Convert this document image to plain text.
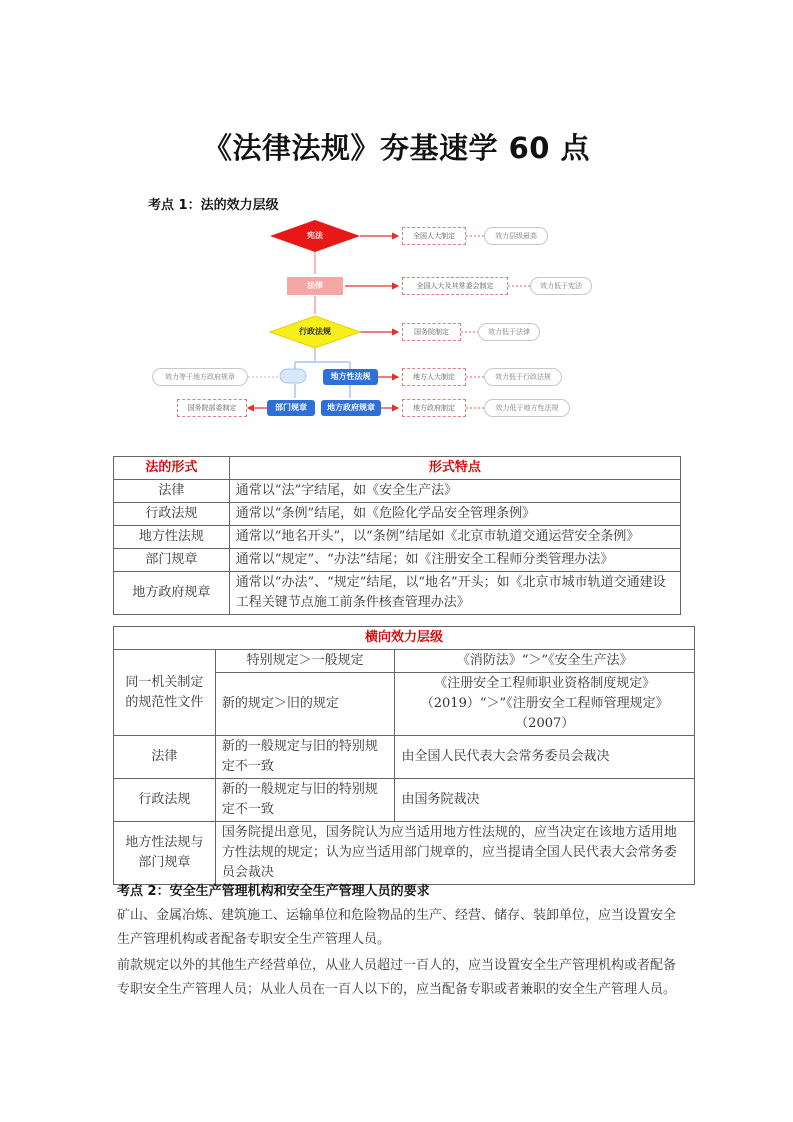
《法律法规》夯基速学 60 点
考点 1：法的效力层级
宪法
法律
行政法规
地方性法规
部门规章	地方政府规章
全国人大制定
全国人大及其常委会制定
国务院制定
地方人大制定
地方政府制定
国务院部委制定
效力层级最高
效力低于宪法
效力低于法律
效力低于行政法规
效力低于地方性法规
效力等于地方政府规章
法的形式	形式特点
法律	通常以“法”字结尾，如《安全生产法》
行政法规	通常以“条例”结尾，如《危险化学品安全管理条例》
地方性法规	通常以“地名开头”，以“条例”结尾如《北京市轨道交通运营安全条例》
部门规章	通常以“规定”、“办法”结尾；如《注册安全工程师分类管理办法》
地方政府规章	通常以“办法”、“规定”结尾，以“地名”开头；如《北京市城市轨道交通建设工程关键节点施工前条件核查管理办法》
横向效力层级		
同一机关制定的规范性文件	特别规定＞一般规定	《消防法》“＞”《安全生产法》
	新的规定＞旧的规定	《注册安全工程师职业资格制度规定》（2019）“＞”《注册安全工程师管理规定》（2007）
法律	新的一般规定与旧的特别规定不一致	由全国人民代表大会常务委员会裁决
行政法规	新的一般规定与旧的特别规定不一致	由国务院裁决
地方性法规与部门规章	国务院提出意见，国务院认为应当适用地方性法规的，应当决定在该地方适用地方性法规的规定；认为应当适用部门规章的，应当提请全国人民代表大会常务委员会裁决	
考点 2：安全生产管理机构和安全生产管理人员的要求
矿山、金属冶炼、建筑施工、运输单位和危险物品的生产、经营、储存、装卸单位，应当设置安全生产管理机构或者配备专职安全生产管理人员。
前款规定以外的其他生产经营单位，从业人员超过一百人的，应当设置安全生产管理机构或者配备专职安全生产管理人员；从业人员在一百人以下的，应当配备专职或者兼职的安全生产管理人员。
